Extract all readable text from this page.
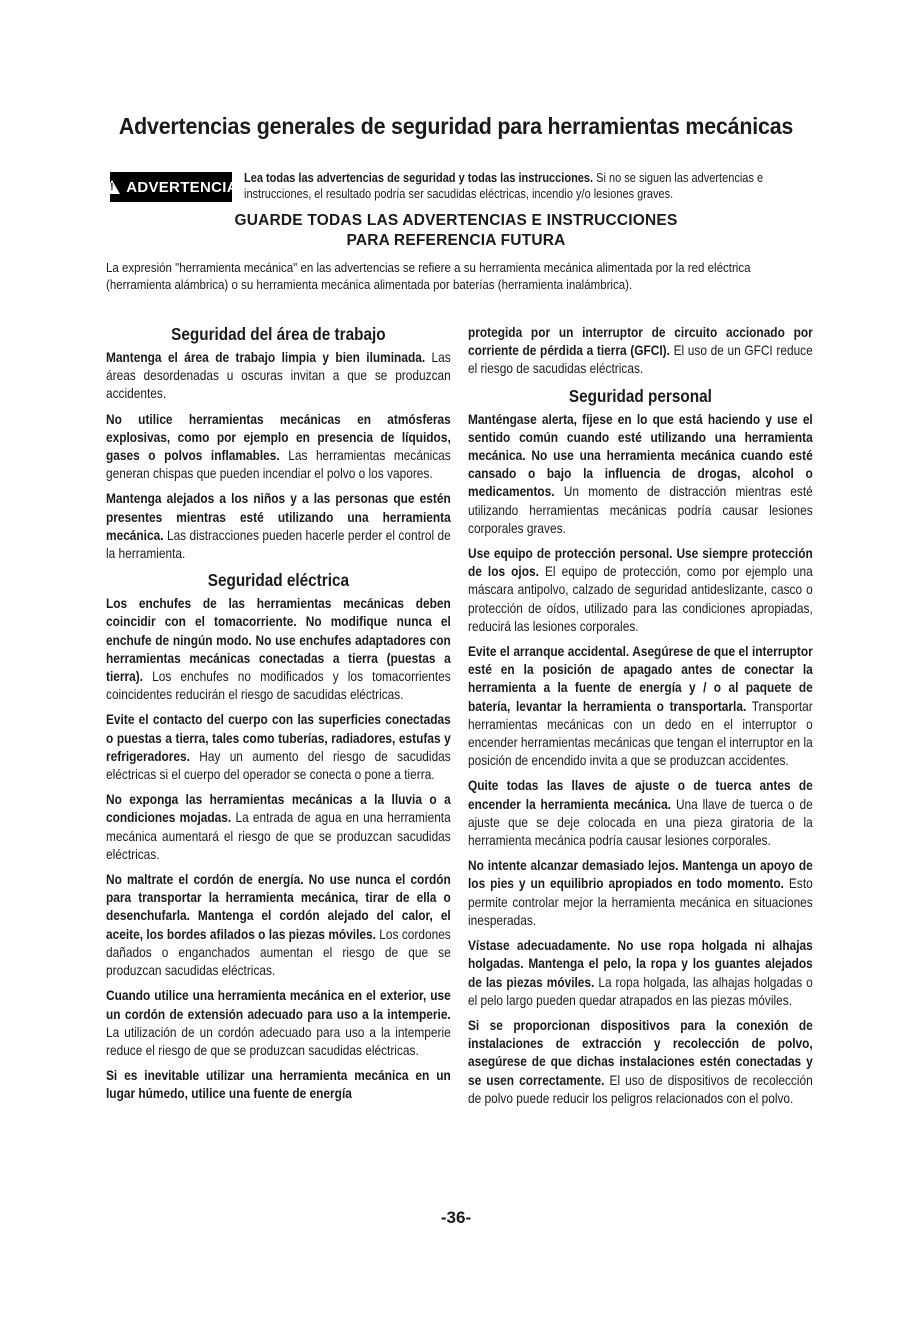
Advertencias generales de seguridad para herramientas mecánicas
!
ADVERTENCIA
Lea todas las advertencias de seguridad y todas las instrucciones. Si no se siguen las advertencias e instrucciones, el resultado podría ser sacudidas eléctricas, incendio y/o lesiones graves.
GUARDE TODAS LAS ADVERTENCIAS E INSTRUCCIONES
PARA REFERENCIA FUTURA
La expresión "herramienta mecánica" en las advertencias se refiere a su herramienta mecánica alimentada por la red eléctrica (herramienta alámbrica) o su herramienta mecánica alimentada por baterías (herramienta inalámbrica).
Seguridad del área de trabajo

Mantenga el área de trabajo limpia y bien iluminada. Las áreas desordenadas u oscuras invitan a que se produzcan accidentes.

No utilice herramientas mecánicas en atmósferas explosivas, como por ejemplo en presencia de líquidos, gases o polvos inflamables. Las herramientas mecánicas generan chispas que pueden incendiar el polvo o los vapores.

Mantenga alejados a los niños y a las personas que estén presentes mientras esté utilizando una herramienta mecánica. Las distracciones pueden hacerle perder el control de la herramienta.

Seguridad eléctrica

Los enchufes de las herramientas mecánicas deben coincidir con el tomacorriente. No modifique nunca el enchufe de ningún modo. No use enchufes adaptadores con herramientas mecánicas conectadas a tierra (puestas a tierra). Los enchufes no modificados y los tomacorrientes coincidentes reducirán el riesgo de sacudidas eléctricas.

Evite el contacto del cuerpo con las superficies conectadas o puestas a tierra, tales como tuberías, radiadores, estufas y refrigeradores. Hay un aumento del riesgo de sacudidas eléctricas si el cuerpo del operador se conecta o pone a tierra.

No exponga las herramientas mecánicas a la lluvia o a condiciones mojadas. La entrada de agua en una herramienta mecánica aumentará el riesgo de que se produzcan sacudidas eléctricas.

No maltrate el cordón de energía. No use nunca el cordón para transportar la herramienta mecánica, tirar de ella o desenchufarla. Mantenga el cordón alejado del calor, el aceite, los bordes afilados o las piezas móviles. Los cordones dañados o enganchados aumentan el riesgo de que se produzcan sacudidas eléctricas.

Cuando utilice una herramienta mecánica en el exterior, use un cordón de extensión adecuado para uso a la intemperie. La utilización de un cordón adecuado para uso a la intemperie reduce el riesgo de que se produzcan sacudidas eléctricas.

Si es inevitable utilizar una herramienta mecánica en un lugar húmedo, utilice una fuente de energía

protegida por un interruptor de circuito accionado por corriente de pérdida a tierra (GFCI). El uso de un GFCI reduce el riesgo de sacudidas eléctricas.

Seguridad personal

Manténgase alerta, fíjese en lo que está haciendo y use el sentido común cuando esté utilizando una herramienta mecánica. No use una herramienta mecánica cuando esté cansado o bajo la influencia de drogas, alcohol o medicamentos. Un momento de distracción mientras esté utilizando herramientas mecánicas podría causar lesiones corporales graves.

Use equipo de protección personal. Use siempre protección de los ojos. El equipo de protección, como por ejemplo una máscara antipolvo, calzado de seguridad antideslizante, casco o protección de oídos, utilizado para las condiciones apropiadas, reducirá las lesiones corporales.

Evite el arranque accidental. Asegúrese de que el interruptor esté en la posición de apagado antes de conectar la herramienta a la fuente de energía y / o al paquete de batería, levantar la herramienta o transportarla. Transportar herramientas mecánicas con un dedo en el interruptor o encender herramientas mecánicas que tengan el interruptor en la posición de encendido invita a que se produzcan accidentes.

Quite todas las llaves de ajuste o de tuerca antes de encender la herramienta mecánica. Una llave de tuerca o de ajuste que se deje colocada en una pieza giratoria de la herramienta mecánica podría causar lesiones corporales.

No intente alcanzar demasiado lejos. Mantenga un apoyo de los pies y un equilibrio apropiados en todo momento. Esto permite controlar mejor la herramienta mecánica en situaciones inesperadas.

Vístase adecuadamente. No use ropa holgada ni alhajas holgadas. Mantenga el pelo, la ropa y los guantes alejados de las piezas móviles. La ropa holgada, las alhajas holgadas o el pelo largo pueden quedar atrapados en las piezas móviles.

Si se proporcionan dispositivos para la conexión de instalaciones de extracción y recolección de polvo, asegúrese de que dichas instalaciones estén conectadas y se usen correctamente. El uso de dispositivos de recolección de polvo puede reducir los peligros relacionados con el polvo.

-36-
